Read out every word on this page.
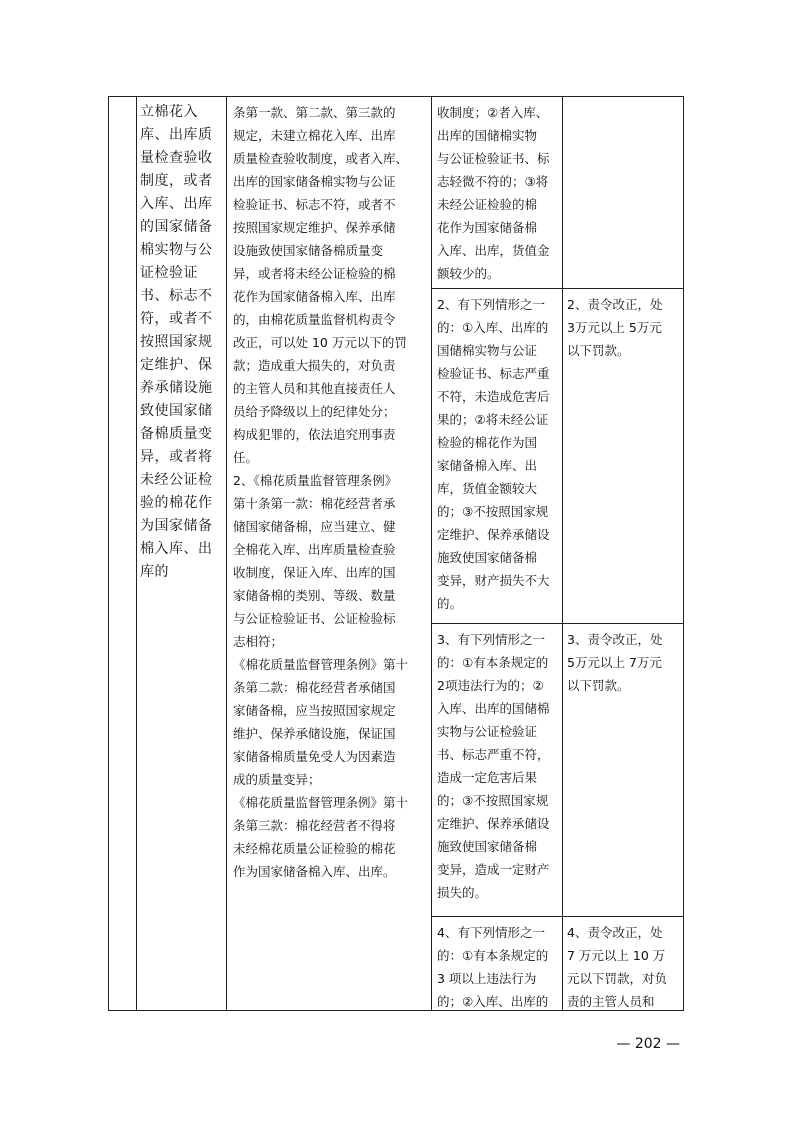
立棉花入
库、出库质
量检查验收
制度，或者
入库、出库
的国家储备
棉实物与公
证检验证
书、标志不
符，或者不
按照国家规
定维护、保
养承储设施
致使国家储
备棉质量变
异，或者将
未经公证检
验的棉花作
为国家储备
棉入库、出
库的

条第一款、第二款、第三款的
规定，未建立棉花入库、出库
质量检查验收制度，或者入库、
出库的国家储备棉实物与公证
检验证书、标志不符，或者不
按照国家规定维护、保养承储
设施致使国家储备棉质量变
异，或者将未经公证检验的棉
花作为国家储备棉入库、出库
的，由棉花质量监督机构责令
改正，可以处 10 万元以下的罚
款；造成重大损失的，对负责
的主管人员和其他直接责任人
员给予降级以上的纪律处分；
构成犯罪的，依法追究刑事责
任。
2、《棉花质量监督管理条例》
第十条第一款：棉花经营者承
储国家储备棉，应当建立、健
全棉花入库、出库质量检查验
收制度，保证入库、出库的国
家储备棉的类别、等级、数量
与公证检验证书、公证检验标
志相符；
《棉花质量监督管理条例》第十
条第二款：棉花经营者承储国
家储备棉，应当按照国家规定
维护、保养承储设施，保证国
家储备棉质量免受人为因素造
成的质量变异；
《棉花质量监督管理条例》第十
条第三款：棉花经营者不得将
未经棉花质量公证检验的棉花
作为国家储备棉入库、出库。

收制度；②者入库、
出库的国储棉实物
与公证检验证书、标
志轻微不符的；③将
未经公证检验的棉
花作为国家储备棉
入库、出库，货值金
额较少的。

2、有下列情形之一
的：①入库、出库的
国储棉实物与公证
检验证书、标志严重
不符，未造成危害后
果的；②将未经公证
检验的棉花作为国
家储备棉入库、出
库，货值金额较大
的；③不按照国家规
定维护、保养承储设
施致使国家储备棉
变异，财产损失不大
的。

2、责令改正，处
3万元以上 5万元
以下罚款。

3、有下列情形之一
的：①有本条规定的
2项违法行为的；②
入库、出库的国储棉
实物与公证检验证
书、标志严重不符，
造成一定危害后果
的；③不按照国家规
定维护、保养承储设
施致使国家储备棉
变异，造成一定财产
损失的。

3、责令改正，处
5万元以上 7万元
以下罚款。

4、有下列情形之一
的：①有本条规定的
3 项以上违法行为
的；②入库、出库的

4、责令改正，处
7 万元以上 10 万
元以下罚款，对负
责的主管人员和

— 202 —
